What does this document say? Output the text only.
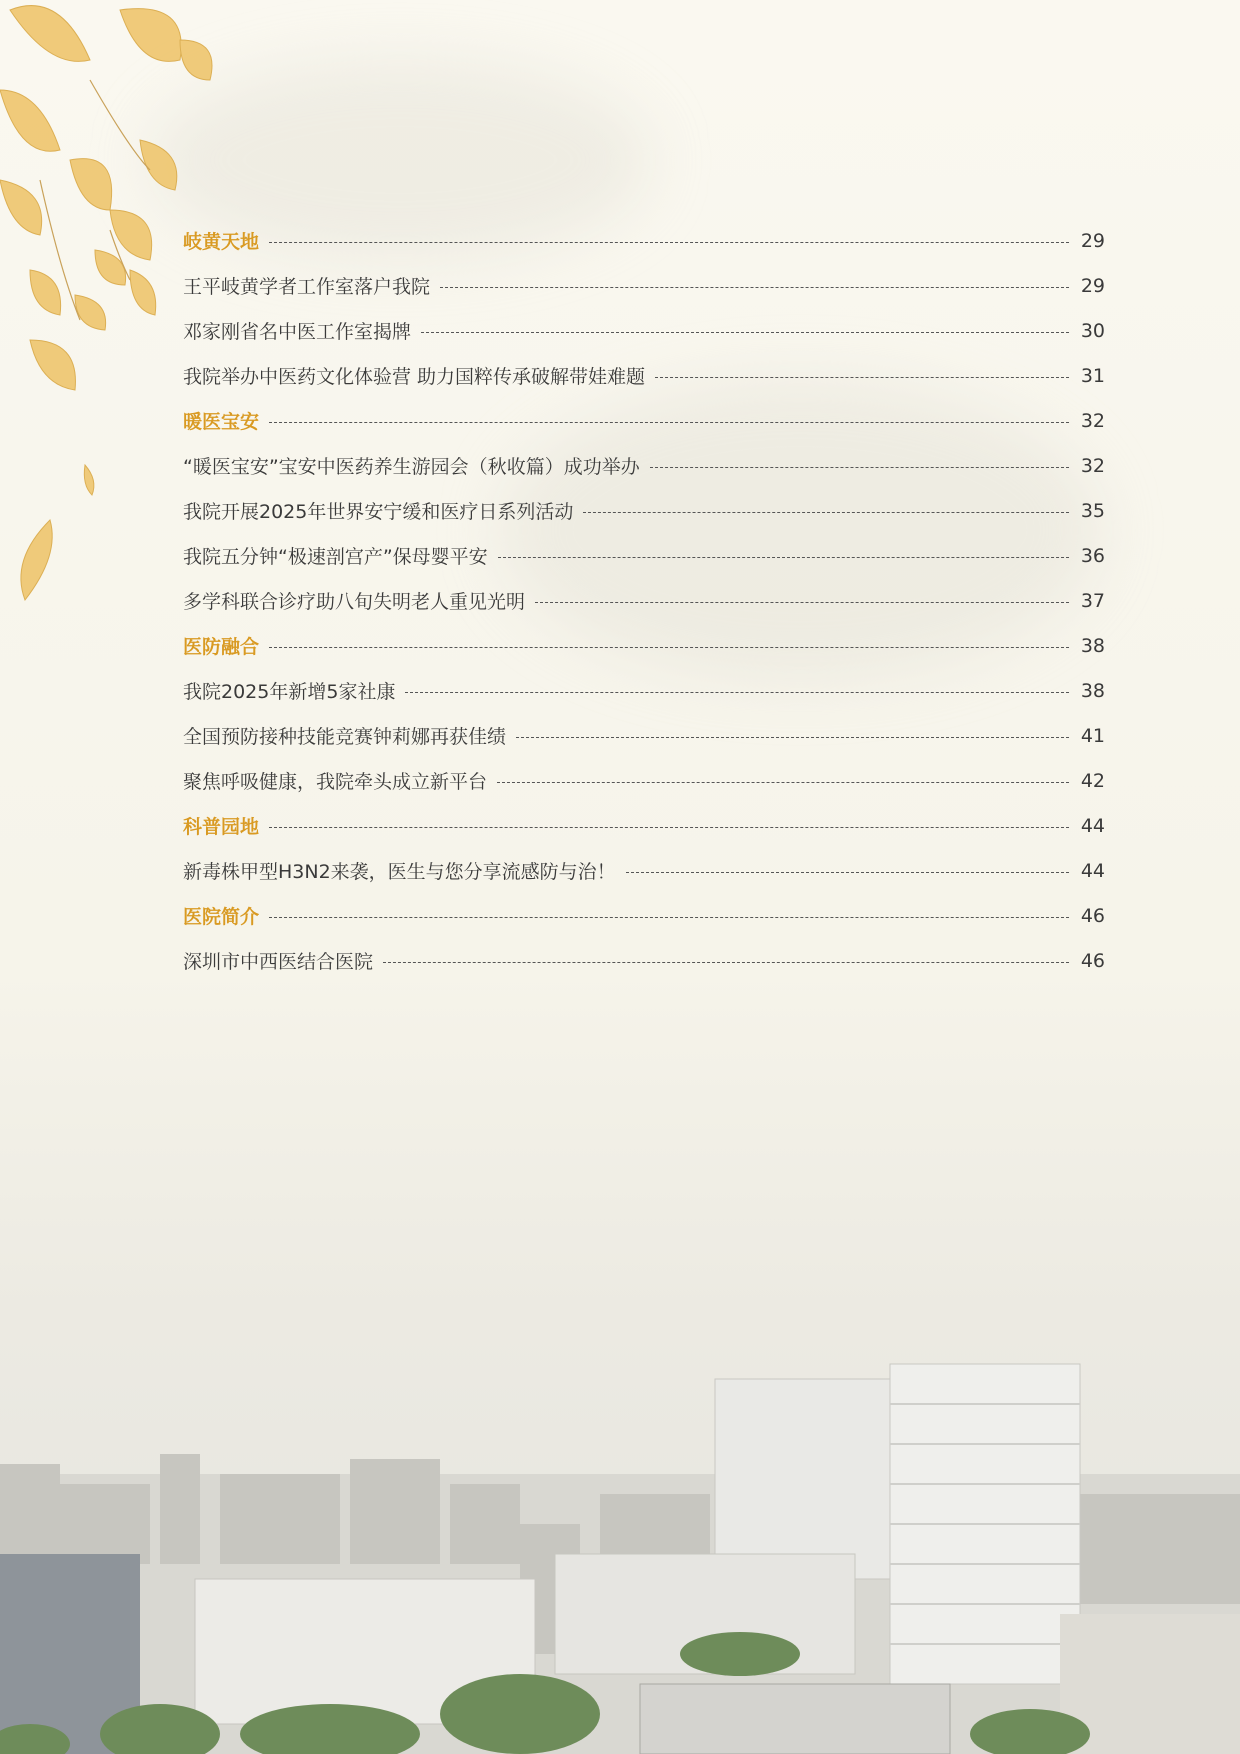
岐黄天地	29
王平岐黄学者工作室落户我院	29
邓家刚省名中医工作室揭牌	30
我院举办中医药文化体验营 助力国粹传承破解带娃难题	31
暖医宝安	32
“暖医宝安”宝安中医药养生游园会（秋收篇）成功举办	32
我院开展2025年世界安宁缓和医疗日系列活动	35
我院五分钟“极速剖宫产”保母婴平安	36
多学科联合诊疗助八旬失明老人重见光明	37
医防融合	38
我院2025年新增5家社康	38
全国预防接种技能竞赛钟莉娜再获佳绩	41
聚焦呼吸健康，我院牵头成立新平台	42
科普园地	44
新毒株甲型H3N2来袭，医生与您分享流感防与治！	44
医院简介	46
深圳市中西医结合医院	46
